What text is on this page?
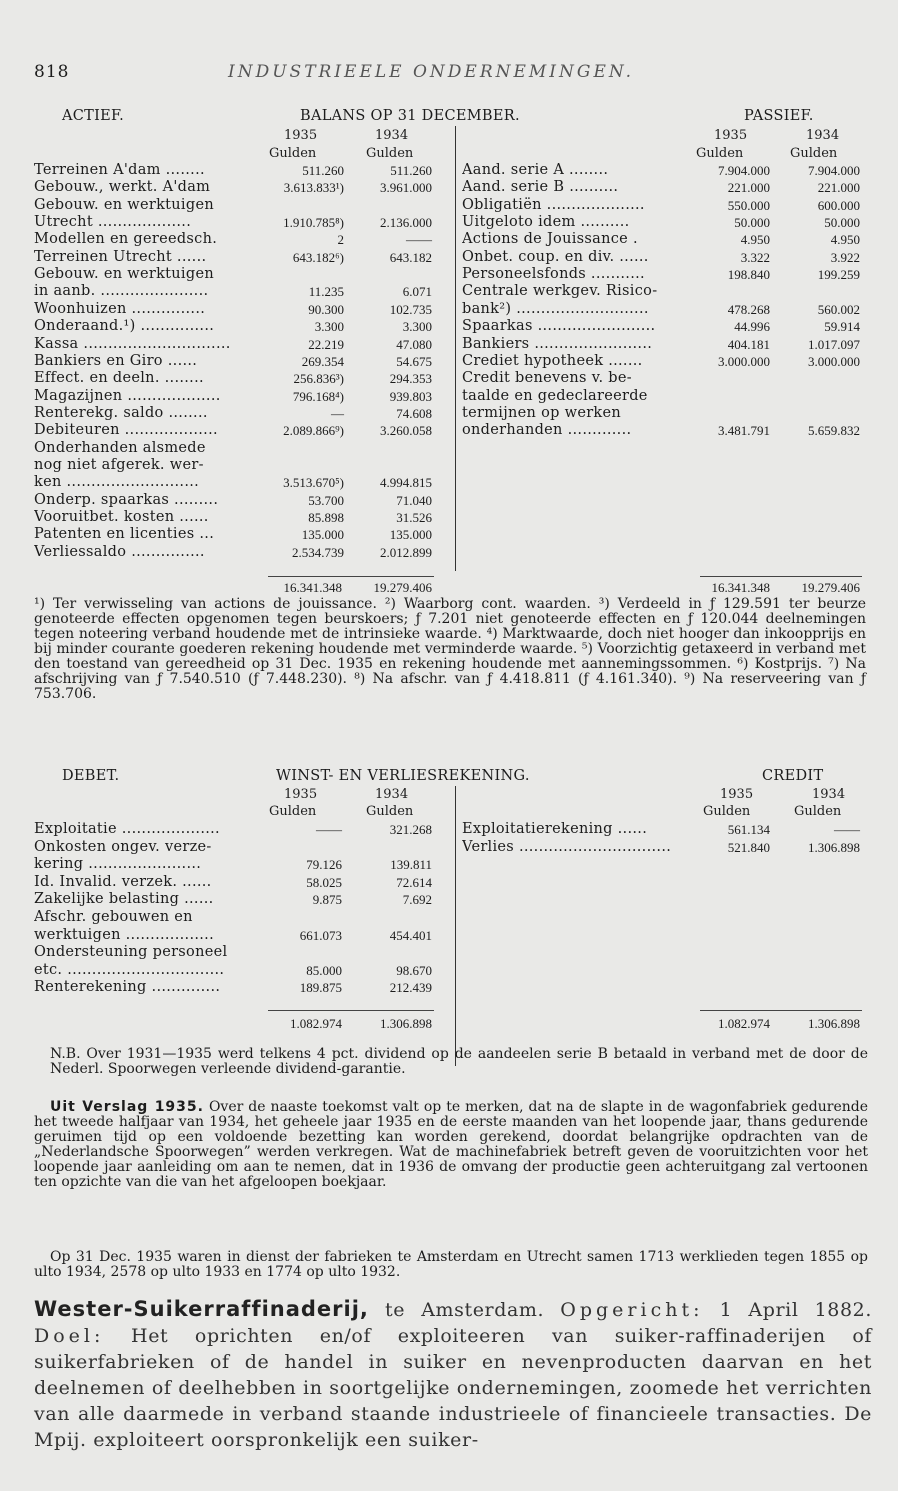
818	INDUSTRIEELE ONDERNEMINGEN.
ACTIEF.	BALANS OP 31 DECEMBER.	PASSIEF.
1935	1934
Gulden	Gulden
1935	1934
Gulden	Gulden
Terreinen A'dam ........	511.260	511.260
Gebouw., werkt. A'dam	3.613.833¹)	3.961.000
Gebouw. en werktuigen
Utrecht ...................	1.910.785⁸)	2.136.000
Modellen en gereedsch.	2	——
Terreinen Utrecht ......	643.182⁶)	643.182
Gebouw. en werktuigen
in aanb. ......................	11.235	6.071
Woonhuizen ...............	90.300	102.735
Onderaand.¹) ...............	3.300	3.300
Kassa ..............................	22.219	47.080
Bankiers en Giro ......	269.354	54.675
Effect. en deeln. ........	256.836³)	294.353
Magazijnen ...................	796.168⁴)	939.803
Renterekg. saldo ........	—	74.608
Debiteuren ...................	2.089.866⁹)	3.260.058
Onderhanden alsmede
nog niet afgerek. wer-
ken ...........................	3.513.670⁵)	4.994.815
Onderp. spaarkas .........	53.700	71.040
Vooruitbet. kosten ......	85.898	31.526
Patenten en licenties ...	135.000	135.000
Verliessaldo ...............	2.534.739	2.012.899
Aand. serie A ........	7.904.000	7.904.000
Aand. serie B ..........	221.000	221.000
Obligatiën ....................	550.000	600.000
Uitgeloto idem ..........	50.000	50.000
Actions de Jouissance .	4.950	4.950
Onbet. coup. en div. ......	3.322	3.922
Personeelsfonds ...........	198.840	199.259
Centrale werkgev. Risico-
bank²) ...........................	478.268	560.002
Spaarkas ........................	44.996	59.914
Bankiers ........................	404.181	1.017.097
Crediet hypotheek .......	3.000.000	3.000.000
Credit benevens v. be-
taalde en gedeclareerde
termijnen op werken
onderhanden .............	3.481.791	5.659.832
16.341.348	19.279.406	16.341.348	19.279.406
¹) Ter verwisseling van actions de jouissance. ²) Waarborg cont. waarden. ³) Verdeeld in ƒ 129.591 ter beurze genoteerde effecten opgenomen tegen beurskoers; ƒ 7.201 niet genoteerde effecten en ƒ 120.044 deelnemingen tegen noteering verband houdende met de intrinsieke waarde. ⁴) Marktwaarde, doch niet hooger dan inkoopprijs en bij minder courante goederen rekening houdende met verminderde waarde. ⁵) Voorzichtig getaxeerd in verband met den toestand van gereedheid op 31 Dec. 1935 en rekening houdende met aannemingssommen. ⁶) Kostprijs. ⁷) Na afschrijving van ƒ 7.540.510 (ƒ 7.448.230). ⁸) Na afschr. van ƒ 4.418.811 (ƒ 4.161.340). ⁹) Na reserveering van ƒ 753.706.
DEBET.	WINST- EN VERLIESREKENING.	CREDIT
1935	1934
Gulden	Gulden
1935	1934
Gulden	Gulden
Exploitatie ....................	——	321.268
Onkosten ongev. verze-
kering .......................	79.126	139.811
Id. Invalid. verzek. ......	58.025	72.614
Zakelijke belasting ......	9.875	7.692
Afschr. gebouwen en
werktuigen ..................	661.073	454.401
Ondersteuning personeel
etc. ................................	85.000	98.670
Renterekening ..............	189.875	212.439
Exploitatierekening ......	561.134	——
Verlies ...............................	521.840	1.306.898
1.082.974	1.306.898	1.082.974	1.306.898
N.B. Over 1931—1935 werd telkens 4 pct. dividend op de aandeelen serie B betaald in verband met de door de Nederl. Spoorwegen verleende dividend-garantie.
Uit Verslag 1935. Over de naaste toekomst valt op te merken, dat na de slapte in de wagonfabriek gedurende het tweede halfjaar van 1934, het geheele jaar 1935 en de eerste maanden van het loopende jaar, thans gedurende geruimen tijd op een voldoende bezetting kan worden gerekend, doordat belangrijke opdrachten van de „Nederlandsche Spoorwegen” werden verkregen. Wat de machinefabriek betreft geven de vooruitzichten voor het loopende jaar aanleiding om aan te nemen, dat in 1936 de omvang der productie geen achteruitgang zal vertoonen ten opzichte van die van het afgeloopen boekjaar.
Op 31 Dec. 1935 waren in dienst der fabrieken te Amsterdam en Utrecht samen 1713 werklieden tegen 1855 op ulto 1934, 2578 op ulto 1933 en 1774 op ulto 1932.
Wester-Suikerraffinaderij, te Amsterdam. Opgericht: 1 April 1882. Doel: Het oprichten en/of exploiteeren van suiker-raffinaderijen of suikerfabrieken of de handel in suiker en nevenproducten daarvan en het deelnemen of deelhebben in soortgelijke ondernemingen, zoomede het verrichten van alle daarmede in verband staande industrieele of financieele transacties. De Mpij. exploiteert oorspronkelijk een suiker-
